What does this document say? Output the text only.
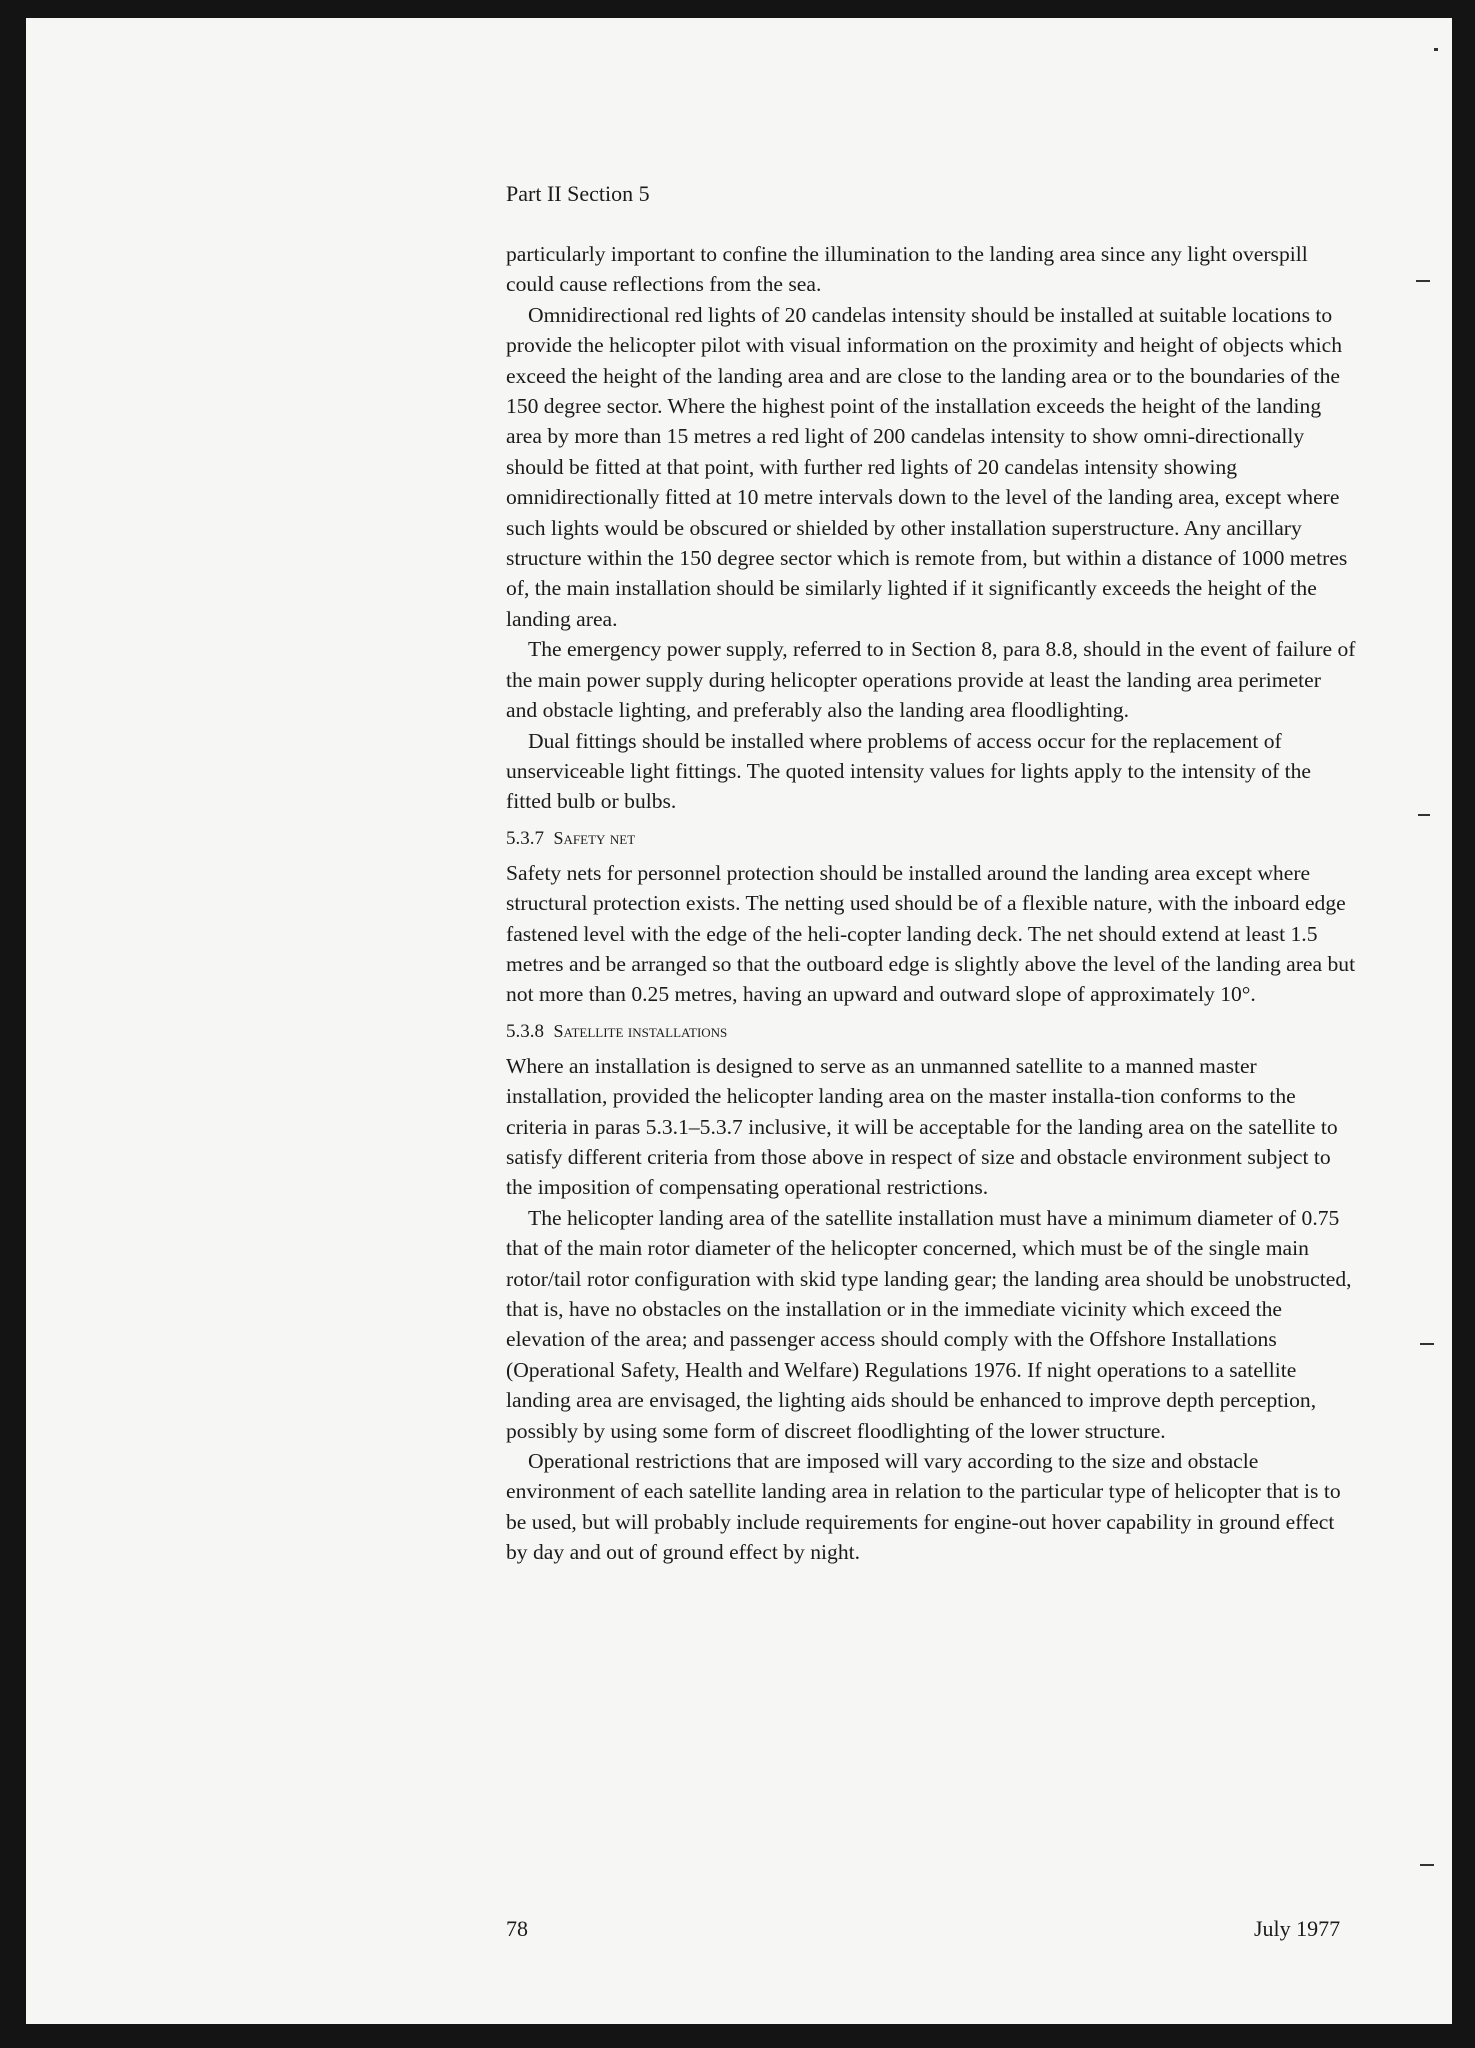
Part II Section 5

particularly important to confine the illumination to the landing area since any light overspill could cause reflections from the sea.

Omnidirectional red lights of 20 candelas intensity should be installed at suitable locations to provide the helicopter pilot with visual information on the proximity and height of objects which exceed the height of the landing area and are close to the landing area or to the boundaries of the 150 degree sector. Where the highest point of the installation exceeds the height of the landing area by more than 15 metres a red light of 200 candelas intensity to show omni-directionally should be fitted at that point, with further red lights of 20 candelas intensity showing omnidirectionally fitted at 10 metre intervals down to the level of the landing area, except where such lights would be obscured or shielded by other installation superstructure. Any ancillary structure within the 150 degree sector which is remote from, but within a distance of 1000 metres of, the main installation should be similarly lighted if it significantly exceeds the height of the landing area.

The emergency power supply, referred to in Section 8, para 8.8, should in the event of failure of the main power supply during helicopter operations provide at least the landing area perimeter and obstacle lighting, and preferably also the landing area floodlighting.

Dual fittings should be installed where problems of access occur for the replacement of unserviceable light fittings. The quoted intensity values for lights apply to the intensity of the fitted bulb or bulbs.

5.3.7 Safety net

Safety nets for personnel protection should be installed around the landing area except where structural protection exists. The netting used should be of a flexible nature, with the inboard edge fastened level with the edge of the heli-copter landing deck. The net should extend at least 1.5 metres and be arranged so that the outboard edge is slightly above the level of the landing area but not more than 0.25 metres, having an upward and outward slope of approximately 10°.

5.3.8 Satellite installations

Where an installation is designed to serve as an unmanned satellite to a manned master installation, provided the helicopter landing area on the master installa-tion conforms to the criteria in paras 5.3.1–5.3.7 inclusive, it will be acceptable for the landing area on the satellite to satisfy different criteria from those above in respect of size and obstacle environment subject to the imposition of compensating operational restrictions.

The helicopter landing area of the satellite installation must have a minimum diameter of 0.75 that of the main rotor diameter of the helicopter concerned, which must be of the single main rotor/tail rotor configuration with skid type landing gear; the landing area should be unobstructed, that is, have no obstacles on the installation or in the immediate vicinity which exceed the elevation of the area; and passenger access should comply with the Offshore Installations (Operational Safety, Health and Welfare) Regulations 1976. If night operations to a satellite landing area are envisaged, the lighting aids should be enhanced to improve depth perception, possibly by using some form of discreet floodlighting of the lower structure.

Operational restrictions that are imposed will vary according to the size and obstacle environment of each satellite landing area in relation to the particular type of helicopter that is to be used, but will probably include requirements for engine-out hover capability in ground effect by day and out of ground effect by night.

78	July 1977
